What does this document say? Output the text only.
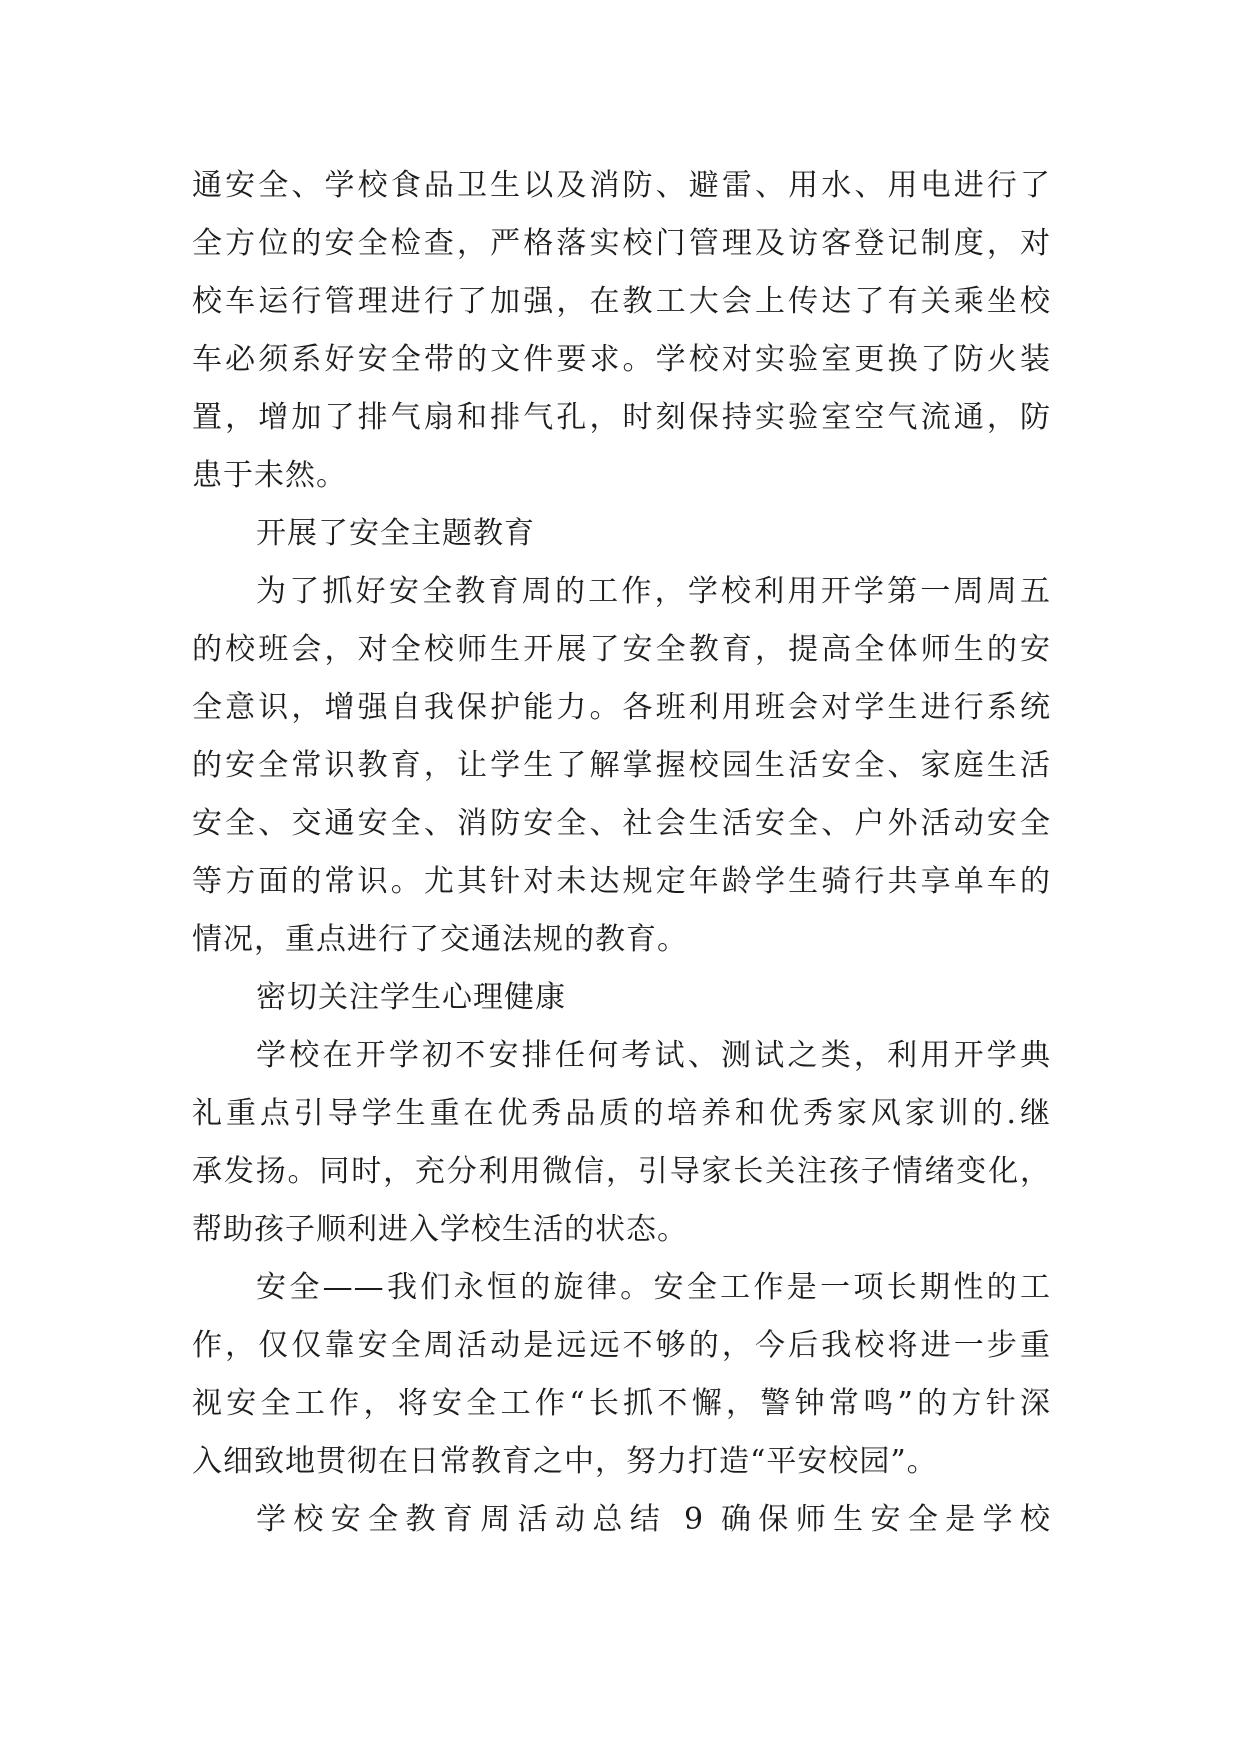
通安全、学校食品卫生以及消防、避雷、用水、用电进行了
全方位的安全检查，严格落实校门管理及访客登记制度，对
校车运行管理进行了加强，在教工大会上传达了有关乘坐校
车必须系好安全带的文件要求。学校对实验室更换了防火装
置，增加了排气扇和排气孔，时刻保持实验室空气流通，防
患于未然。
开展了安全主题教育
为了抓好安全教育周的工作，学校利用开学第一周周五
的校班会，对全校师生开展了安全教育，提高全体师生的安
全意识，增强自我保护能力。各班利用班会对学生进行系统
的安全常识教育，让学生了解掌握校园生活安全、家庭生活
安全、交通安全、消防安全、社会生活安全、户外活动安全
等方面的常识。尤其针对未达规定年龄学生骑行共享单车的
情况，重点进行了交通法规的教育。
密切关注学生心理健康
学校在开学初不安排任何考试、测试之类，利用开学典
礼重点引导学生重在优秀品质的培养和优秀家风家训的.继
承发扬。同时，充分利用微信，引导家长关注孩子情绪变化，
帮助孩子顺利进入学校生活的状态。
安全——我们永恒的旋律。安全工作是一项长期性的工
作，仅仅靠安全周活动是远远不够的，今后我校将进一步重
视安全工作，将安全工作“长抓不懈，警钟常鸣”的方针深
入细致地贯彻在日常教育之中，努力打造“平安校园”。
学校安全教育周活动总结 9 确保师生安全是学校
